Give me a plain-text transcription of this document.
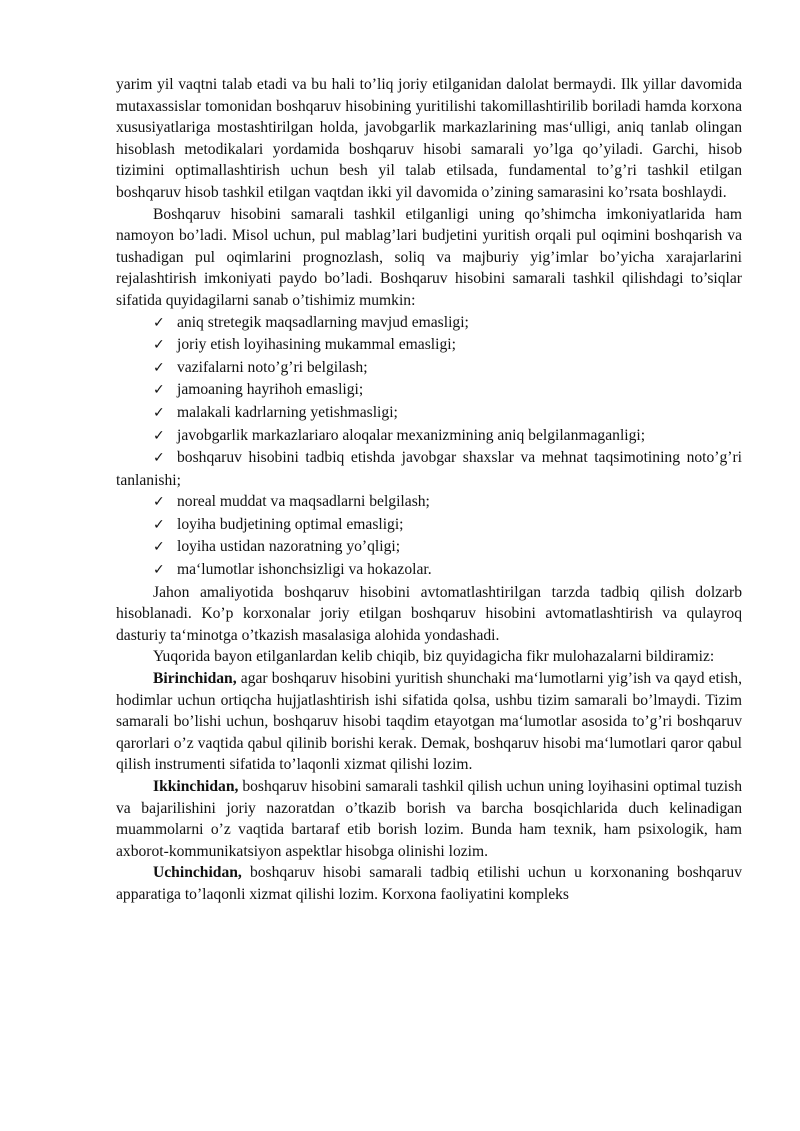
yarim yil vaqtni talab etadi va bu hali to’liq joriy etilganidan dalolat bermaydi. Ilk yillar davomida mutaxassislar tomonidan boshqaruv hisobining yuritilishi takomillashtirilib boriladi hamda korxona xususiyatlariga mostashtirilgan holda, javobgarlik markazlarining mas‘ulligi, aniq tanlab olingan hisoblash metodikalari yordamida boshqaruv hisobi samarali yo’lga qo’yiladi. Garchi, hisob tizimini optimallashtirish uchun besh yil talab etilsada, fundamental to’g’ri tashkil etilgan boshqaruv hisob tashkil etilgan vaqtdan ikki yil davomida o’zining samarasini ko’rsata boshlaydi.

Boshqaruv hisobini samarali tashkil etilganligi uning qo’shimcha imkoniyatlarida ham namoyon bo’ladi. Misol uchun, pul mablag’lari budjetini yuritish orqali pul oqimini boshqarish va tushadigan pul oqimlarini prognozlash, soliq va majburiy yig’imlar bo’yicha xarajarlarini rejalashtirish imkoniyati paydo bo’ladi. Boshqaruv hisobini samarali tashkil qilishdagi to’siqlar sifatida quyidagilarni sanab o’tishimiz mumkin:

✓ aniq stretegik maqsadlarning mavjud emasligi;
✓ joriy etish loyihasining mukammal emasligi;
✓ vazifalarni noto’g’ri belgilash;
✓ jamoaning hayrihoh emasligi;
✓ malakali kadrlarning yetishmasligi;
✓ javobgarlik markazlariaro aloqalar mexanizmining aniq belgilanmaganligi;
✓ boshqaruv hisobini tadbiq etishda javobgar shaxslar va mehnat taqsimotining noto’g’ri tanlanishi;
✓ noreal muddat va maqsadlarni belgilash;
✓ loyiha budjetining optimal emasligi;
✓ loyiha ustidan nazoratning yo’qligi;
✓ ma‘lumotlar ishonchsizligi va hokazolar.

Jahon amaliyotida boshqaruv hisobini avtomatlashtirilgan tarzda tadbiq qilish dolzarb hisoblanadi. Ko’p korxonalar joriy etilgan boshqaruv hisobini avtomatlashtirish va qulayroq dasturiy ta‘minotga o’tkazish masalasiga alohida yondashadi.

Yuqorida bayon etilganlardan kelib chiqib, biz quyidagicha fikr mulohazalarni bildiramiz:

Birinchidan, agar boshqaruv hisobini yuritish shunchaki ma‘lumotlarni yig’ish va qayd etish, hodimlar uchun ortiqcha hujjatlashtirish ishi sifatida qolsa, ushbu tizim samarali bo’lmaydi. Tizim samarali bo’lishi uchun, boshqaruv hisobi taqdim etayotgan ma‘lumotlar asosida to’g’ri boshqaruv qarorlari o’z vaqtida qabul qilinib borishi kerak. Demak, boshqaruv hisobi ma‘lumotlari qaror qabul qilish instrumenti sifatida to’laqonli xizmat qilishi lozim.

Ikkinchidan, boshqaruv hisobini samarali tashkil qilish uchun uning loyihasini optimal tuzish va bajarilishini joriy nazoratdan o’tkazib borish va barcha bosqichlarida duch kelinadigan muammolarni o’z vaqtida bartaraf etib borish lozim. Bunda ham texnik, ham psixologik, ham axborot-kommunikatsiyon aspektlar hisobga olinishi lozim.

Uchinchidan, boshqaruv hisobi samarali tadbiq etilishi uchun u korxonaning boshqaruv apparatiga to’laqonli xizmat qilishi lozim. Korxona faoliyatini kompleks
